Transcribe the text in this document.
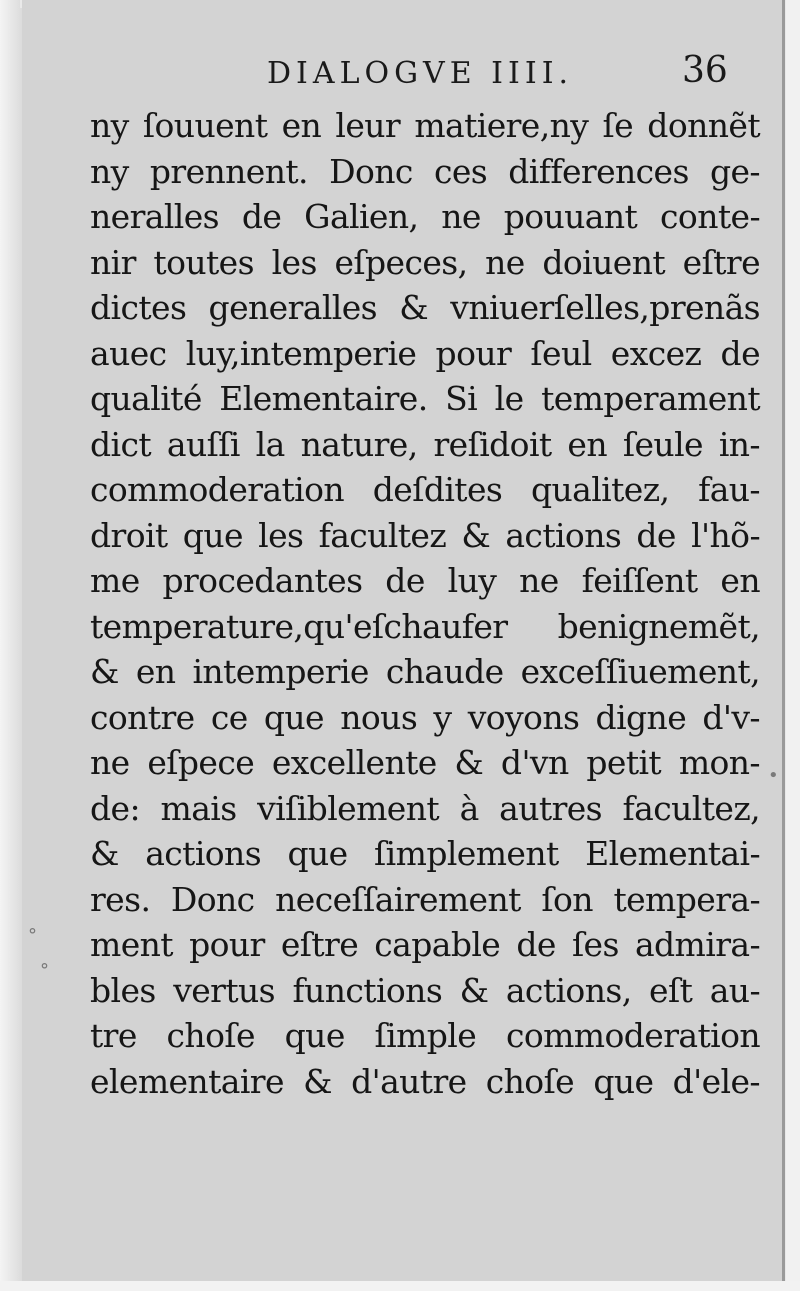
DIALOGVE IIII.	36
ny ſouuent en leur matiere,ny ſe donnẽt
ny prennent. Donc ces differences ge-
neralles de Galien, ne pouuant conte-
nir toutes les eſpeces, ne doiuent eſtre
dictes generalles & vniuerſelles,prenãs
auec luy,intemperie pour ſeul excez de
qualité Elementaire. Si le temperament
dict auſſi la nature, reſidoit en ſeule in-
commoderation deſdites qualitez, fau-
droit que les facultez & actions de l'hõ-
me procedantes de luy ne feiſſent en
temperature,qu'eſchaufer benignemẽt,
& en intemperie chaude exceſſiuement,
contre ce que nous y voyons digne d'v-
ne eſpece excellente & d'vn petit mon-
de: mais viſiblement à autres facultez,
& actions que ſimplement Elementai-
res. Donc neceſſairement ſon tempera-
ment pour eſtre capable de ſes admira-
bles vertus functions & actions, eſt au-
tre choſe que ſimple commoderation
elementaire & d'autre choſe que d'ele-
°
°
•
